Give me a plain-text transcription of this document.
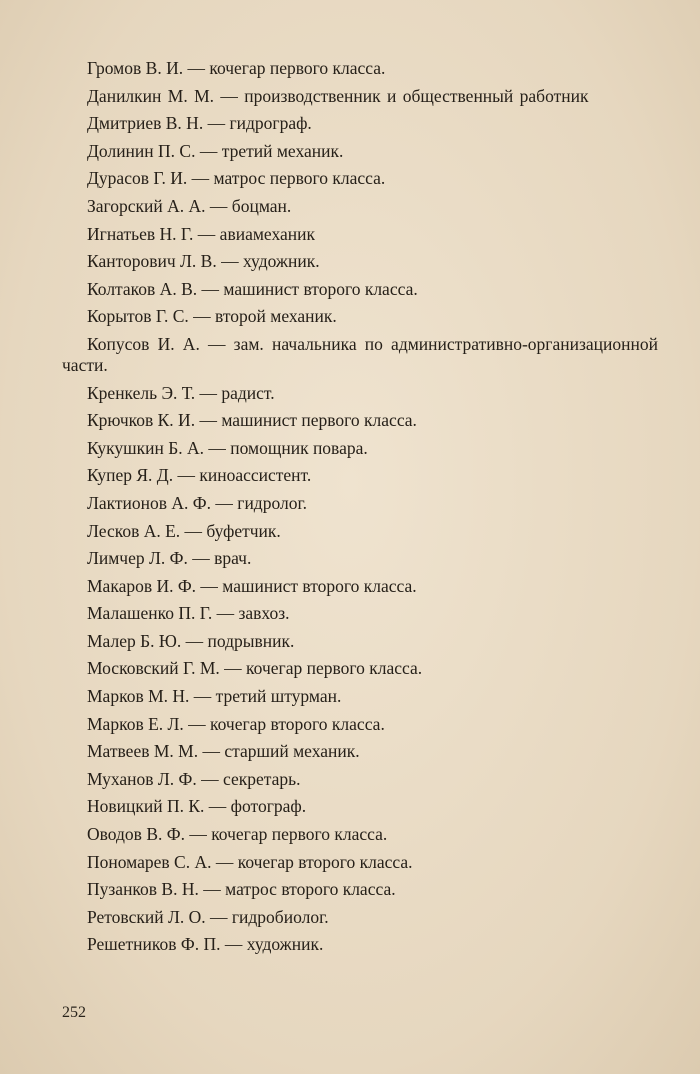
Громов В. И. — кочегар первого класса.

Данилкин М. М. — производственник и общественный работник

Дмитриев В. Н. — гидрограф.

Долинин П. С. — третий механик.

Дурасов Г. И. — матрос первого класса.

Загорский А. А. — боцман.

Игнатьев Н. Г. — авиамеханик

Канторович Л. В. — художник.

Колтаков А. В. — машинист второго класса.

Корытов Г. С. — второй механик.

Копусов И. А. — зам. начальника по административно-организационной части.

Кренкель Э. Т. — радист.

Крючков К. И. — машинист первого класса.

Кукушкин Б. А. — помощник повара.

Купер Я. Д. — киноассистент.

Лактионов А. Ф. — гидролог.

Лесков А. Е. — буфетчик.

Лимчер Л. Ф. — врач.

Макаров И. Ф. — машинист второго класса.

Малашенко П. Г. — завхоз.

Малер Б. Ю. — подрывник.

Московский Г. М. — кочегар первого класса.

Марков М. Н. — третий штурман.

Марков Е. Л. — кочегар второго класса.

Матвеев М. М. — старший механик.

Муханов Л. Ф. — секретарь.

Новицкий П. К. — фотограф.

Оводов В. Ф. — кочегар первого класса.

Пономарев С. А. — кочегар второго класса.

Пузанков В. Н. — матрос второго класса.

Ретовский Л. О. — гидробиолог.

Решетников Ф. П. — художник.

252
